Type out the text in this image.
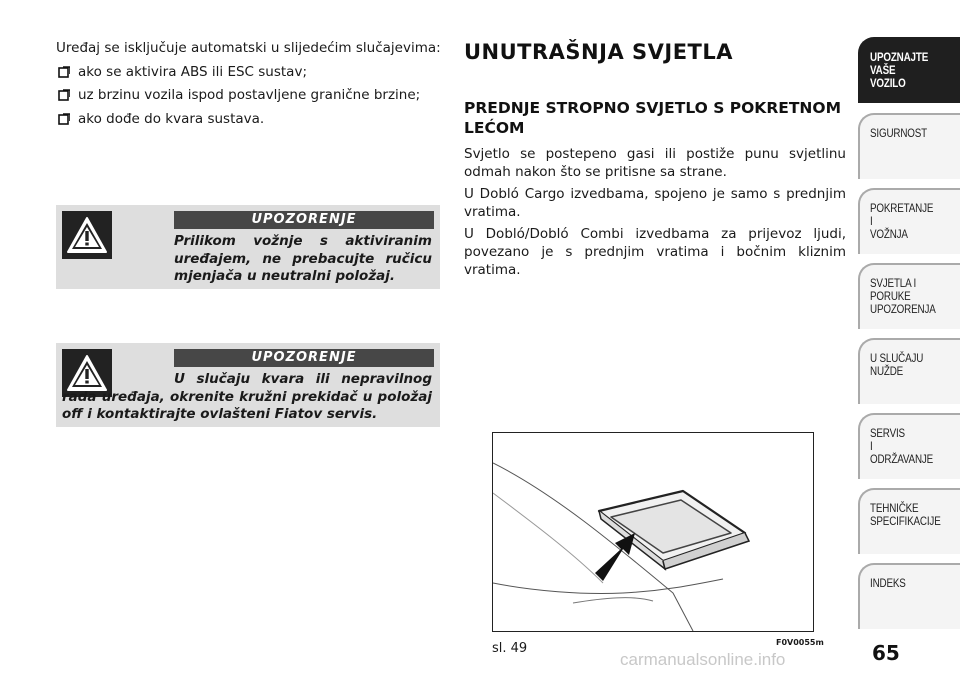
Uređaj se isključuje automatski u slijedećim slučajevima:

ako se aktivira ABS ili ESC sustav;
uz brzinu vozila ispod postavljene granične brzine;
ako dođe do kvara sustava.
UPOZORENJE
Prilikom vožnje s aktiviranim uređajem, ne prebacujte ručicu mjenjača u neutralni položaj.
UPOZORENJE
U slučaju kvara ili nepravilnog rada uređaja, okrenite kružni prekidač u položaj off i kontaktirajte ovlašteni Fiatov servis.
UNUTRAŠNJA SVJETLA
PREDNJE STROPNO SVJETLO S POKRETNOM LEĆOM

Svjetlo se postepeno gasi ili postiže punu svjetlinu odmah nakon što se pritisne sa strane.

U Dobló Cargo izvedbama, spojeno je samo s prednjim vratima.

U Dobló/Dobló Combi izvedbama za prijevoz ljudi, povezano je s prednjim vratima i bočnim kliznim vratima.

sl. 49	F0V0055m
UPOZNAJTE
VAŠE
VOZILO
SIGURNOST
POKRETANJE
I
VOŽNJA
SVJETLA I
PORUKE
UPOZORENJA
U SLUČAJU
NUŽDE
SERVIS
I
ODRŽAVANJE
TEHNIČKE
SPECIFIKACIJE
INDEKS
65
carmanualsonline.info
